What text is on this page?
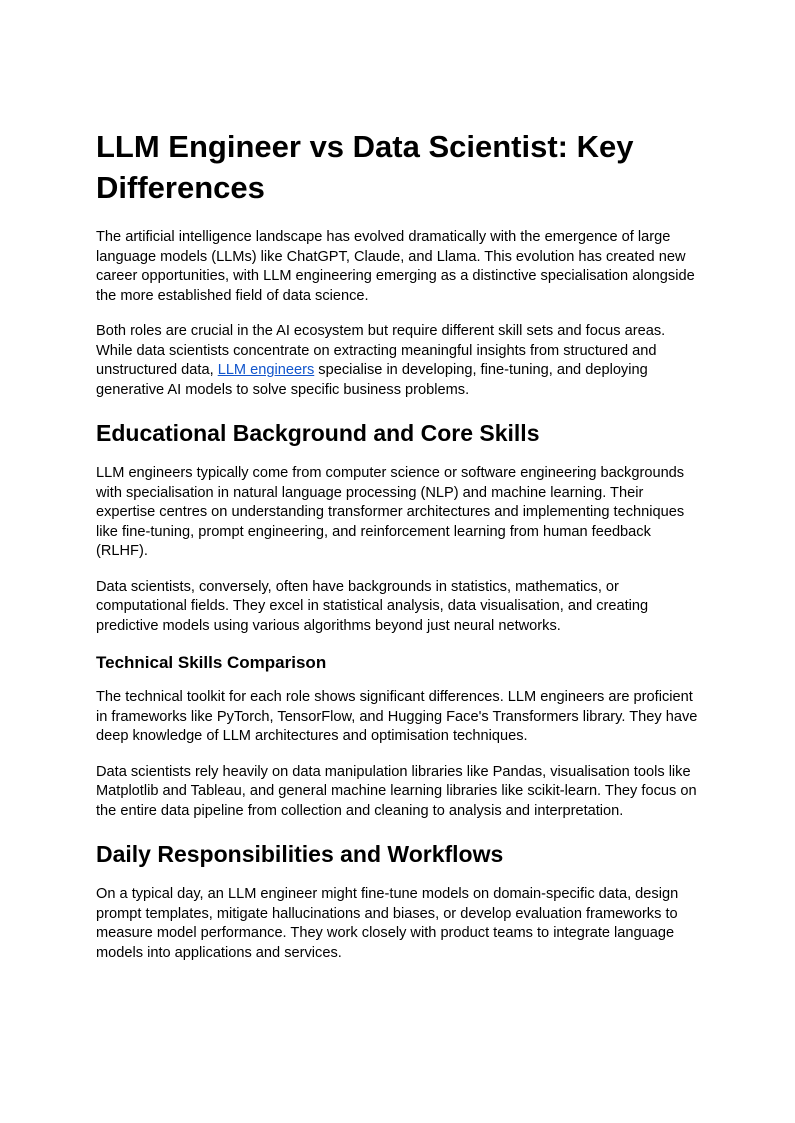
LLM Engineer vs Data Scientist: Key Differences

The artificial intelligence landscape has evolved dramatically with the emergence of large language models (LLMs) like ChatGPT, Claude, and Llama. This evolution has created new career opportunities, with LLM engineering emerging as a distinctive specialisation alongside the more established field of data science.

Both roles are crucial in the AI ecosystem but require different skill sets and focus areas. While data scientists concentrate on extracting meaningful insights from structured and unstructured data, LLM engineers specialise in developing, fine-tuning, and deploying generative AI models to solve specific business problems.

Educational Background and Core Skills

LLM engineers typically come from computer science or software engineering backgrounds with specialisation in natural language processing (NLP) and machine learning. Their expertise centres on understanding transformer architectures and implementing techniques like fine-tuning, prompt engineering, and reinforcement learning from human feedback (RLHF).

Data scientists, conversely, often have backgrounds in statistics, mathematics, or computational fields. They excel in statistical analysis, data visualisation, and creating predictive models using various algorithms beyond just neural networks.

Technical Skills Comparison

The technical toolkit for each role shows significant differences. LLM engineers are proficient in frameworks like PyTorch, TensorFlow, and Hugging Face's Transformers library. They have deep knowledge of LLM architectures and optimisation techniques.

Data scientists rely heavily on data manipulation libraries like Pandas, visualisation tools like Matplotlib and Tableau, and general machine learning libraries like scikit-learn. They focus on the entire data pipeline from collection and cleaning to analysis and interpretation.

Daily Responsibilities and Workflows

On a typical day, an LLM engineer might fine-tune models on domain-specific data, design prompt templates, mitigate hallucinations and biases, or develop evaluation frameworks to measure model performance. They work closely with product teams to integrate language models into applications and services.
